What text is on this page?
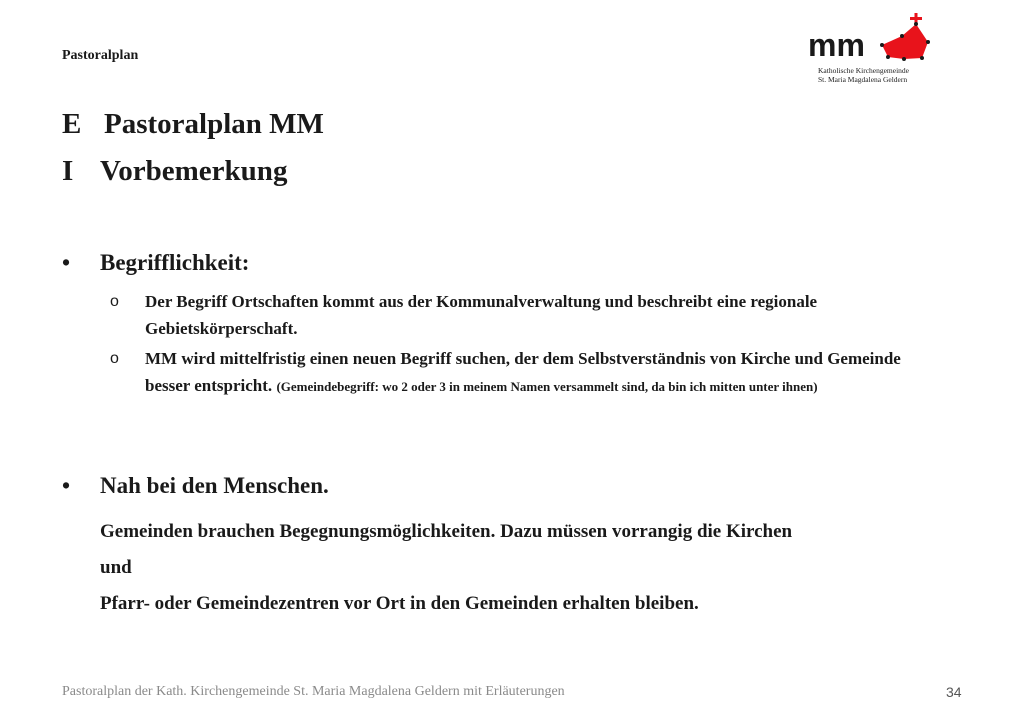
Pastoralplan	mm
Katholische Kirchengemeinde
St. Maria Magdalena Geldern
E Pastoralplan MM
I Vorbemerkung
• Begrifflichkeit:
o Der Begriff Ortschaften kommt aus der Kommunalverwaltung und beschreibt eine regionale Gebietskörperschaft.
o MM wird mittelfristig einen neuen Begriff suchen, der dem Selbstverständnis von Kirche und Gemeinde besser entspricht. (Gemeindebegriff: wo 2 oder 3 in meinem Namen versammelt sind, da bin ich mitten unter ihnen)
• Nah bei den Menschen.
Gemeinden brauchen Begegnungsmöglichkeiten. Dazu müssen vorrangig die Kirchen
und
Pfarr- oder Gemeindezentren vor Ort in den Gemeinden erhalten bleiben.
Pastoralplan der Kath. Kirchengemeinde St. Maria Magdalena Geldern mit Erläuterungen	34
